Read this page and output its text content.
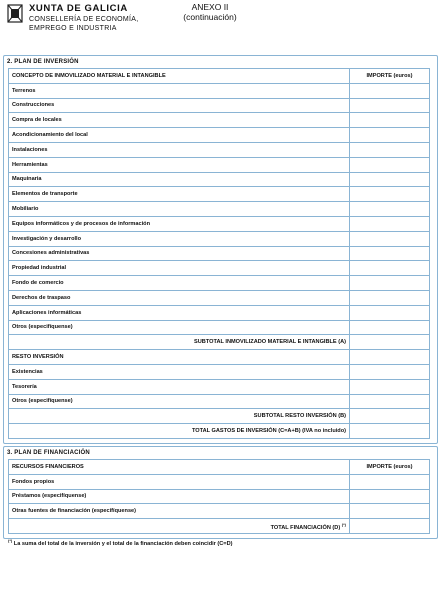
XUNTA DE GALICIA
CONSELLERÍA DE ECONOMÍA,
EMPREGO E INDUSTRIA
ANEXO II
(continuación)
2. PLAN DE INVERSIÓN
CONCEPTO DE INMOVILIZADO MATERIAL E INTANGIBLE	IMPORTE (euros)
Terrenos	
Construcciones	
Compra de locales	
Acondicionamiento del local	
Instalaciones	
Herramientas	
Maquinaria	
Elementos de transporte	
Mobiliario	
Equipos informáticos y de procesos de información	
Investigación y desarrollo	
Concesiones administrativas	
Propiedad industrial	
Fondo de comercio	
Derechos de traspaso	
Aplicaciones informáticas	
Otros (especifíquense)	
SUBTOTAL INMOVILIZADO MATERIAL E INTANGIBLE (A)	
RESTO INVERSIÓN	
Existencias	
Tesorería	
Otros (especifíquense)	
SUBTOTAL RESTO INVERSIÓN (B)	
TOTAL GASTOS DE INVERSIÓN (C=A+B) (IVA no incluido)	
3. PLAN DE FINANCIACIÓN
RECURSOS FINANCIEROS	IMPORTE (euros)
Fondos propios	
Préstamos (especifíquense)	
Otras fuentes de financiación (especifíquense)	
TOTAL FINANCIACIÓN (D) (*)	
(*) La suma del total de la inversión y el total de la financiación deben coincidir (C=D)
